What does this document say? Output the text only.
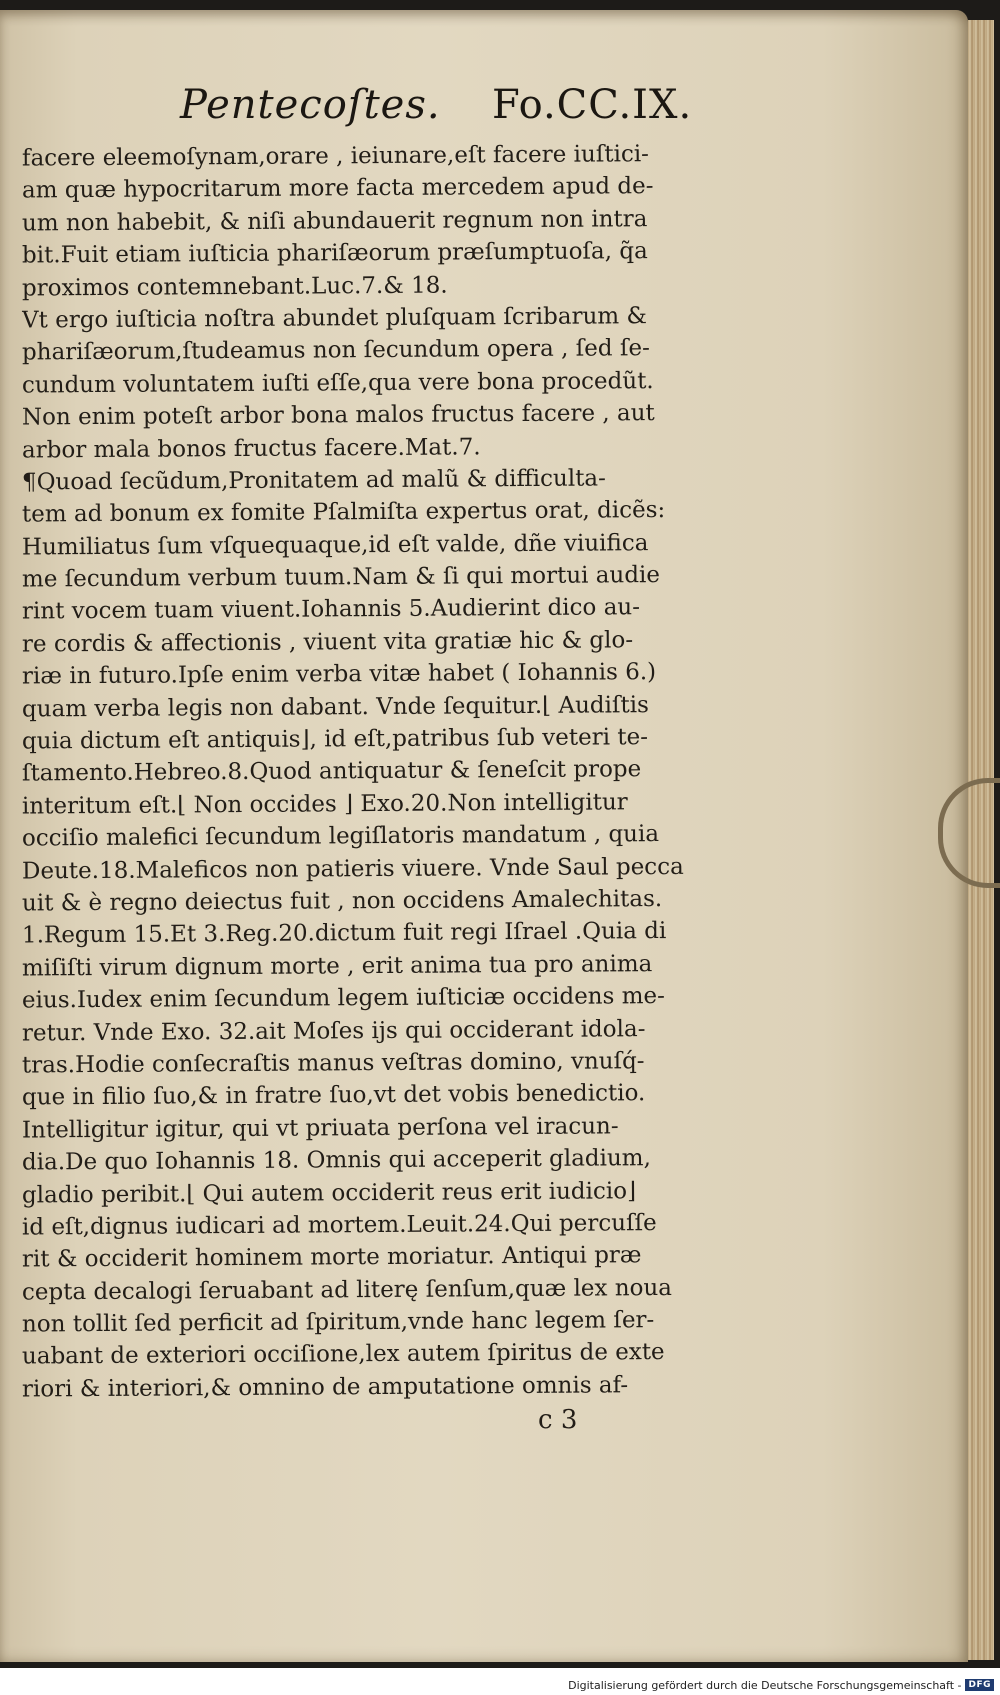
Pentecoſtes. Fo.CC.IX.
facere eleemoſynam,orare , ieiunare,eſt facere iuſtici-
am quæ hypocritarum more facta mercedem apud de-
um non habebit, & niſi abundauerit regnum non intra
bit.Fuit etiam iuſticia phariſæorum præſumptuoſa, q̃a
proximos contemnebant.Luc.7.& 18.
Vt ergo iuſticia noſtra abundet pluſquam ſcribarum &
phariſæorum,ſtudeamus non ſecundum opera , ſed ſe-
cundum voluntatem iuſti eſſe,qua vere bona procedũt.
Non enim poteſt arbor bona malos fructus facere , aut
arbor mala bonos fructus facere.Mat.7.
¶Quoad ſecũdum,Pronitatem ad malũ & difficulta-
tem ad bonum ex fomite Pſalmiſta expertus orat, dicẽs:
Humiliatus ſum vſquequaque,id eſt valde, dñe viuifica
me ſecundum verbum tuum.Nam & ſi qui mortui audie
rint vocem tuam viuent.Iohannis 5.Audierint dico au-
re cordis & affectionis , viuent vita gratiæ hic & glo-
riæ in futuro.Ipſe enim verba vitæ habet ( Iohannis 6.)
quam verba legis non dabant. Vnde ſequitur.⌊ Audiſtis
quia dictum eſt antiquis⌋, id eſt,patribus ſub veteri te-
ſtamento.Hebreo.8.Quod antiquatur & ſeneſcit prope
interitum eſt.⌊ Non occides ⌋ Exo.20.Non intelligitur
occiſio malefici ſecundum legiſlatoris mandatum , quia
Deute.18.Maleficos non patieris viuere. Vnde Saul pecca
uit & è regno deiectus fuit , non occidens Amalechitas.
1.Regum 15.Et 3.Reg.20.dictum fuit regi Iſrael .Quia di
miſiſti virum dignum morte , erit anima tua pro anima
eius.Iudex enim ſecundum legem iuſticiæ occidens me-
retur. Vnde Exo. 32.ait Moſes ijs qui occiderant idola-
tras.Hodie conſecraſtis manus veſtras domino, vnuſq́-
que in filio ſuo,& in fratre ſuo,vt det vobis benedictio.
Intelligitur igitur, qui vt priuata perſona vel iracun-
dia.De quo Iohannis 18. Omnis qui acceperit gladium,
gladio peribit.⌊ Qui autem occiderit reus erit iudicio⌋
id eſt,dignus iudicari ad mortem.Leuit.24.Qui percuſſe
rit & occiderit hominem morte moriatur. Antiqui præ
cepta decalogi ſeruabant ad literę ſenſum,quæ lex noua
non tollit ſed perficit ad ſpiritum,vnde hanc legem ſer-
uabant de exteriori occiſione,lex autem ſpiritus de exte
riori & interiori,& omnino de amputatione omnis af-
c 3
Digitalisierung gefördert durch die Deutsche Forschungsgemeinschaft - DFG
